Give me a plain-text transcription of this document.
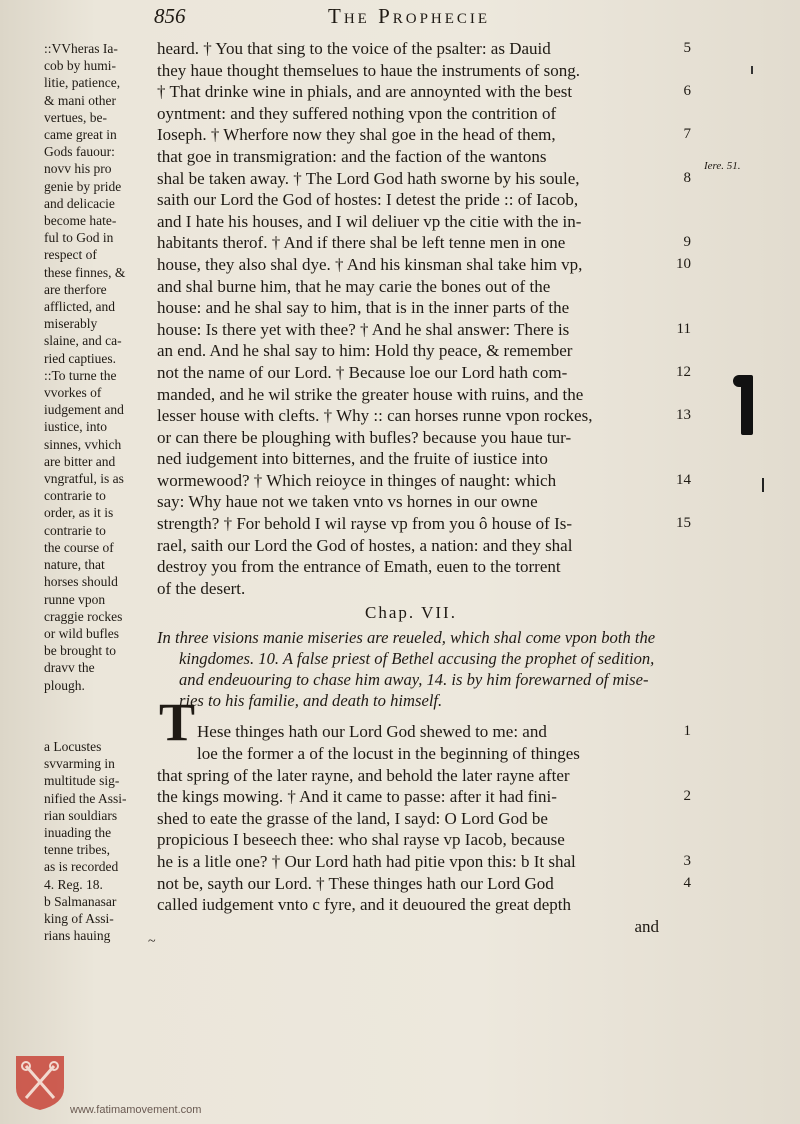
856	The Prophecie

::VVheras Ia-
cob by humi-
litie, patience,
& mani other
vertues, be-
came great in
Gods fauour:
novv his pro
genie by pride
and delicacie
become hate-
ful to God in
respect of
these finnes, &
are therfore
afflicted, and
miserably
slaine, and ca-
ried captiues.
::To turne the
vvorkes of
iudgement and
iustice, into
sinnes, vvhich
are bitter and
vngratful, is as
contrarie to
order, as it is
contrarie to
the course of
nature, that
horses should
runne vpon
craggie rockes
or wild bufles
be brought to
dravv the
plough.

a Locustes
svvarming in
multitude sig-
nified the Assi-
rian souldiars
inuading the
tenne tribes,
as is recorded
4. Reg. 18.
b Salmanasar
king of Assi-
rians hauing

heard. † You that sing to the voice of the psalter: as Dauid	5
they haue thought themselues to haue the instruments of song.
† That drinke wine in phials, and are annoynted with the best	6
oyntment: and they suffered nothing vpon the contrition of
Ioseph. † Wherfore now they shal goe in the head of them,	7
that goe in transmigration: and the faction of the wantons
shal be taken away. † The Lord God hath sworne by his soule,	8
saith our Lord the God of hostes: I detest the pride :: of Iacob,
and I hate his houses, and I wil deliuer vp the citie with the in-
habitants therof. † And if there shal be left tenne men in one	9
house, they also shal dye. † And his kinsman shal take him vp,	10
and shal burne him, that he may carie the bones out of the
house: and he shal say to him, that is in the inner parts of the
house: Is there yet with thee? † And he shal answer: There is	11
an end. And he shal say to him: Hold thy peace, & remember
not the name of our Lord. † Because loe our Lord hath com-	12
manded, and he wil strike the greater house with ruins, and the
lesser house with clefts. † Why :: can horses runne vpon rockes,	13
or can there be ploughing with bufles? because you haue tur-
ned iudgement into bitternes, and the fruite of iustice into
wormewood? † Which reioyce in thinges of naught: which	14
say: Why haue not we taken vnto vs hornes in our owne
strength? † For behold I wil rayse vp from you ô house of Is-	15
rael, saith our Lord the God of hostes, a nation: and they shal
destroy you from the entrance of Emath, euen to the torrent
of the desert.
Chap. VII.
In three visions manie miseries are reueled, which shal come vpon both the
kingdomes. 10. A false priest of Bethel accusing the prophet of sedition,
and endeuouring to chase him away, 14. is by him forewarned of mise-
ries to his familie, and death to himself.
Hese thinges hath our Lord God shewed to me: and	1
loe the former a of the locust in the beginning of thinges
that spring of the later rayne, and behold the later rayne after
the kings mowing. † And it came to passe: after it had fini-	2
shed to eate the grasse of the land, I sayd: O Lord God be
propicious I beseech thee: who shal rayse vp Iacob, because
he is a litle one? † Our Lord hath had pitie vpon this: b It shal	3
not be, sayth our Lord. † These thinges hath our Lord God	4
called iudgement vnto c fyre, and it deuoured the great depth
and
T
Iere. 51.
~
www.fatimamovement.com
